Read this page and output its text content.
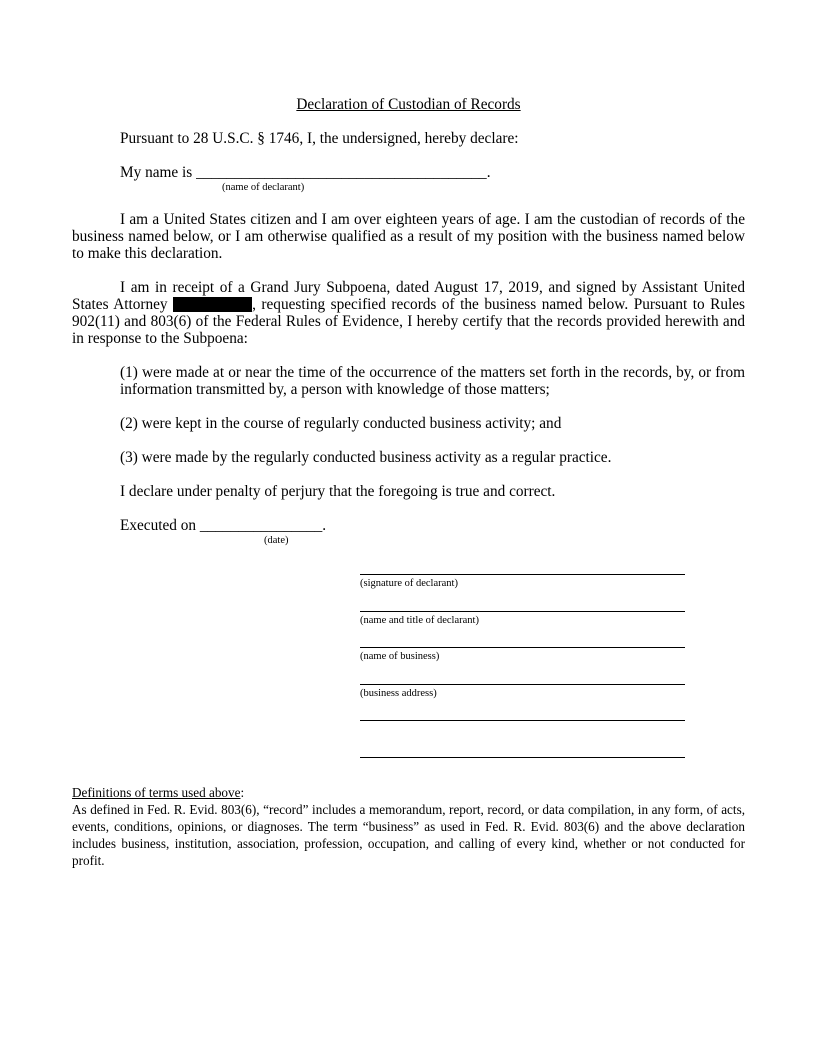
Declaration of Custodian of Records

Pursuant to 28 U.S.C. § 1746, I, the undersigned, hereby declare:

My name is ______________________________________.

(name of declarant)

I am a United States citizen and I am over eighteen years of age. I am the custodian of records of the business named below, or I am otherwise qualified as a result of my position with the business named below to make this declaration.

I am in receipt of a Grand Jury Subpoena, dated August 17, 2019, and signed by Assistant United States Attorney	, requesting specified records of the business named below. Pursuant to Rules 902(11) and 803(6) of the Federal Rules of Evidence, I hereby certify that the records provided herewith and in response to the Subpoena:

(1) were made at or near the time of the occurrence of the matters set forth in the records, by, or from information transmitted by, a person with knowledge of those matters;

(2) were kept in the course of regularly conducted business activity; and

(3) were made by the regularly conducted business activity as a regular practice.

I declare under penalty of perjury that the foregoing is true and correct.

Executed on ________________.

(date)
(signature of declarant)
(name and title of declarant)
(name of business)
(business address)
Definitions of terms used above:

As defined in Fed. R. Evid. 803(6), “record” includes a memorandum, report, record, or data compilation, in any form, of acts, events, conditions, opinions, or diagnoses. The term “business” as used in Fed. R. Evid. 803(6) and the above declaration includes business, institution, association, profession, occupation, and calling of every kind, whether or not conducted for profit.
